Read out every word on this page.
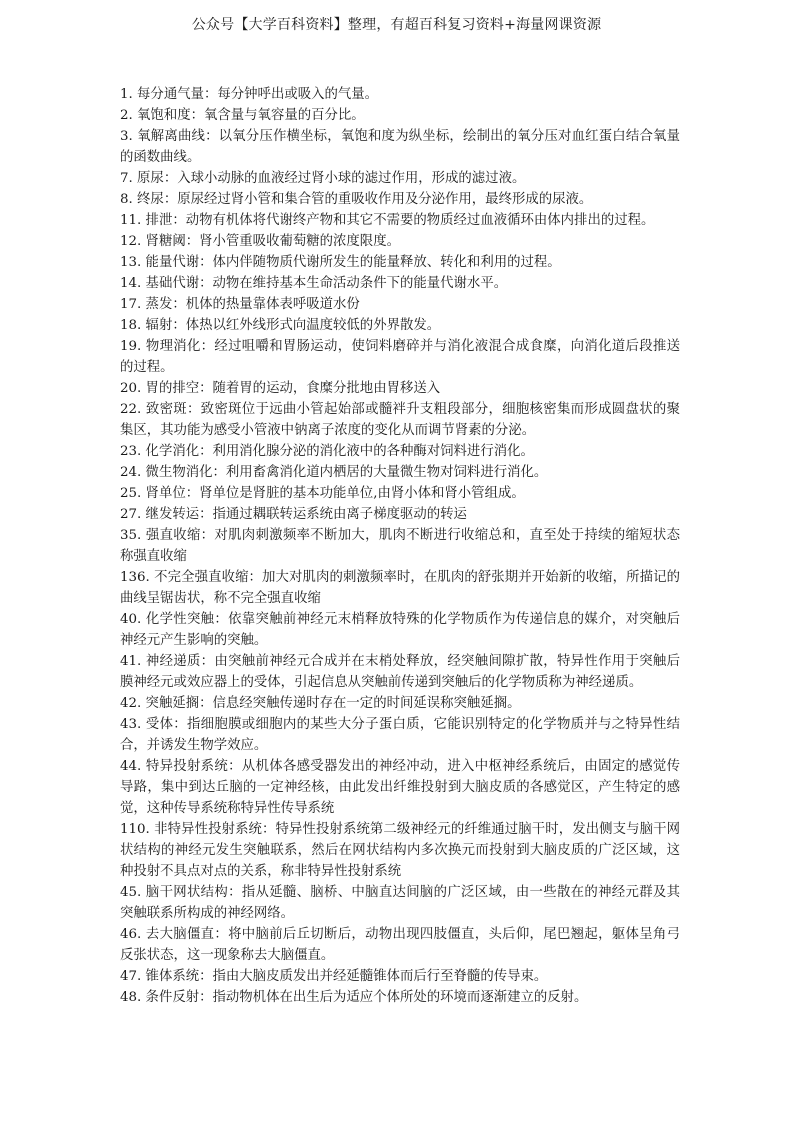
公众号【大学百科资料】整理，有超百科复习资料+海量网课资源

1. 每分通气量：每分钟呼出或吸入的气量。

2. 氧饱和度：氧含量与氧容量的百分比。

3. 氧解离曲线：以氧分压作横坐标，氧饱和度为纵坐标，绘制出的氧分压对血红蛋白结合氧量的函数曲线。

7. 原尿：入球小动脉的血液经过肾小球的滤过作用，形成的滤过液。

8. 终尿：原尿经过肾小管和集合管的重吸收作用及分泌作用，最终形成的尿液。

11. 排泄：动物有机体将代谢终产物和其它不需要的物质经过血液循环由体内排出的过程。

12. 肾糖阈：肾小管重吸收葡萄糖的浓度限度。

13. 能量代谢：体内伴随物质代谢所发生的能量释放、转化和利用的过程。

14. 基础代谢：动物在维持基本生命活动条件下的能量代谢水平。

17. 蒸发：机体的热量靠体表呼吸道水份

18. 辐射：体热以红外线形式向温度较低的外界散发。

19. 物理消化：经过咀嚼和胃肠运动，使饲料磨碎并与消化液混合成食糜，向消化道后段推送的过程。

20. 胃的排空：随着胃的运动，食糜分批地由胃移送入

22. 致密斑：致密斑位于远曲小管起始部或髓袢升支粗段部分，细胞核密集而形成圆盘状的聚集区，其功能为感受小管液中钠离子浓度的变化从而调节肾素的分泌。

23. 化学消化：利用消化腺分泌的消化液中的各种酶对饲料进行消化。

24. 微生物消化：利用畜禽消化道内栖居的大量微生物对饲料进行消化。

25. 肾单位：肾单位是肾脏的基本功能单位,由肾小体和肾小管组成。

27. 继发转运：指通过耦联转运系统由离子梯度驱动的转运

35. 强直收缩：对肌肉刺激频率不断加大，肌肉不断进行收缩总和，直至处于持续的缩短状态称强直收缩

136. 不完全强直收缩：加大对肌肉的刺激频率时，在肌肉的舒张期并开始新的收缩，所描记的曲线呈锯齿状，称不完全强直收缩

40. 化学性突触：依靠突触前神经元末梢释放特殊的化学物质作为传递信息的媒介，对突触后神经元产生影响的突触。

41. 神经递质：由突触前神经元合成并在末梢处释放，经突触间隙扩散，特异性作用于突触后膜神经元或效应器上的受体，引起信息从突触前传递到突触后的化学物质称为神经递质。

42. 突触延搁：信息经突触传递时存在一定的时间延误称突触延搁。

43. 受体：指细胞膜或细胞内的某些大分子蛋白质，它能识别特定的化学物质并与之特异性结合，并诱发生物学效应。

44. 特异投射系统：从机体各感受器发出的神经冲动，进入中枢神经系统后，由固定的感觉传导路，集中到达丘脑的一定神经核，由此发出纤维投射到大脑皮质的各感觉区，产生特定的感觉，这种传导系统称特异性传导系统

110. 非特异性投射系统：特异性投射系统第二级神经元的纤维通过脑干时，发出侧支与脑干网状结构的神经元发生突触联系，然后在网状结构内多次换元而投射到大脑皮质的广泛区域，这种投射不具点对点的关系，称非特异性投射系统

45. 脑干网状结构：指从延髓、脑桥、中脑直达间脑的广泛区域，由一些散在的神经元群及其突触联系所构成的神经网络。

46. 去大脑僵直：将中脑前后丘切断后，动物出现四肢僵直，头后仰，尾巴翘起，躯体呈角弓反张状态，这一现象称去大脑僵直。

47. 锥体系统：指由大脑皮质发出并经延髓锥体而后行至脊髓的传导束。

48. 条件反射：指动物机体在出生后为适应个体所处的环境而逐渐建立的反射。
